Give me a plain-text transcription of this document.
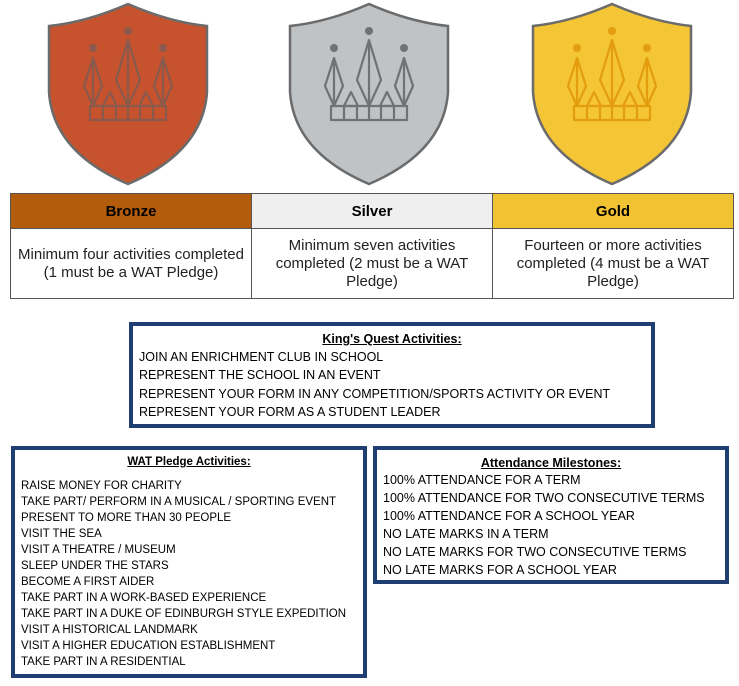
Bronze	Silver	Gold
Minimum four activities completed (1 must be a WAT Pledge)	Minimum seven activities completed (2 must be a WAT Pledge)	Fourteen or more activities completed (4 must be a WAT Pledge)
King's Quest Activities:
JOIN AN ENRICHMENT CLUB IN SCHOOL
REPRESENT THE SCHOOL IN AN EVENT
REPRESENT YOUR FORM IN ANY COMPETITION/SPORTS ACTIVITY OR EVENT
REPRESENT YOUR FORM AS A STUDENT LEADER
WAT Pledge Activities:
RAISE MONEY FOR CHARITY
TAKE PART/ PERFORM IN A MUSICAL / SPORTING EVENT
PRESENT TO MORE THAN 30 PEOPLE
VISIT THE SEA
VISIT A THEATRE / MUSEUM
SLEEP UNDER THE STARS
BECOME A FIRST AIDER
TAKE PART IN A WORK-BASED EXPERIENCE
TAKE PART IN A DUKE OF EDINBURGH STYLE EXPEDITION
VISIT A HISTORICAL LANDMARK
VISIT A HIGHER EDUCATION ESTABLISHMENT
TAKE PART IN A RESIDENTIAL
Attendance Milestones:
100% ATTENDANCE FOR A TERM
100% ATTENDANCE FOR TWO CONSECUTIVE TERMS
100% ATTENDANCE FOR A SCHOOL YEAR
NO LATE MARKS IN A TERM
NO LATE MARKS FOR TWO CONSECUTIVE TERMS
NO LATE MARKS FOR A SCHOOL YEAR
